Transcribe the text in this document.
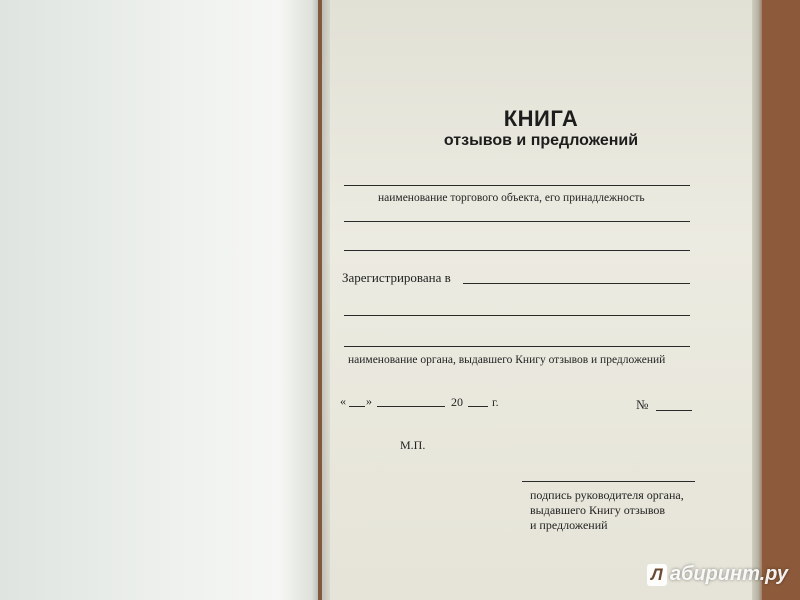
КНИГА
отзывов и предложений
наименование торгового объекта, его принадлежность
Зарегистрирована в
наименование органа, выдавшего Книгу отзывов и предложений
« »	20 г.	№
М.П.
подпись руководителя органа,
выдавшего Книгу отзывов
и предложений
Л абиринт.ру
